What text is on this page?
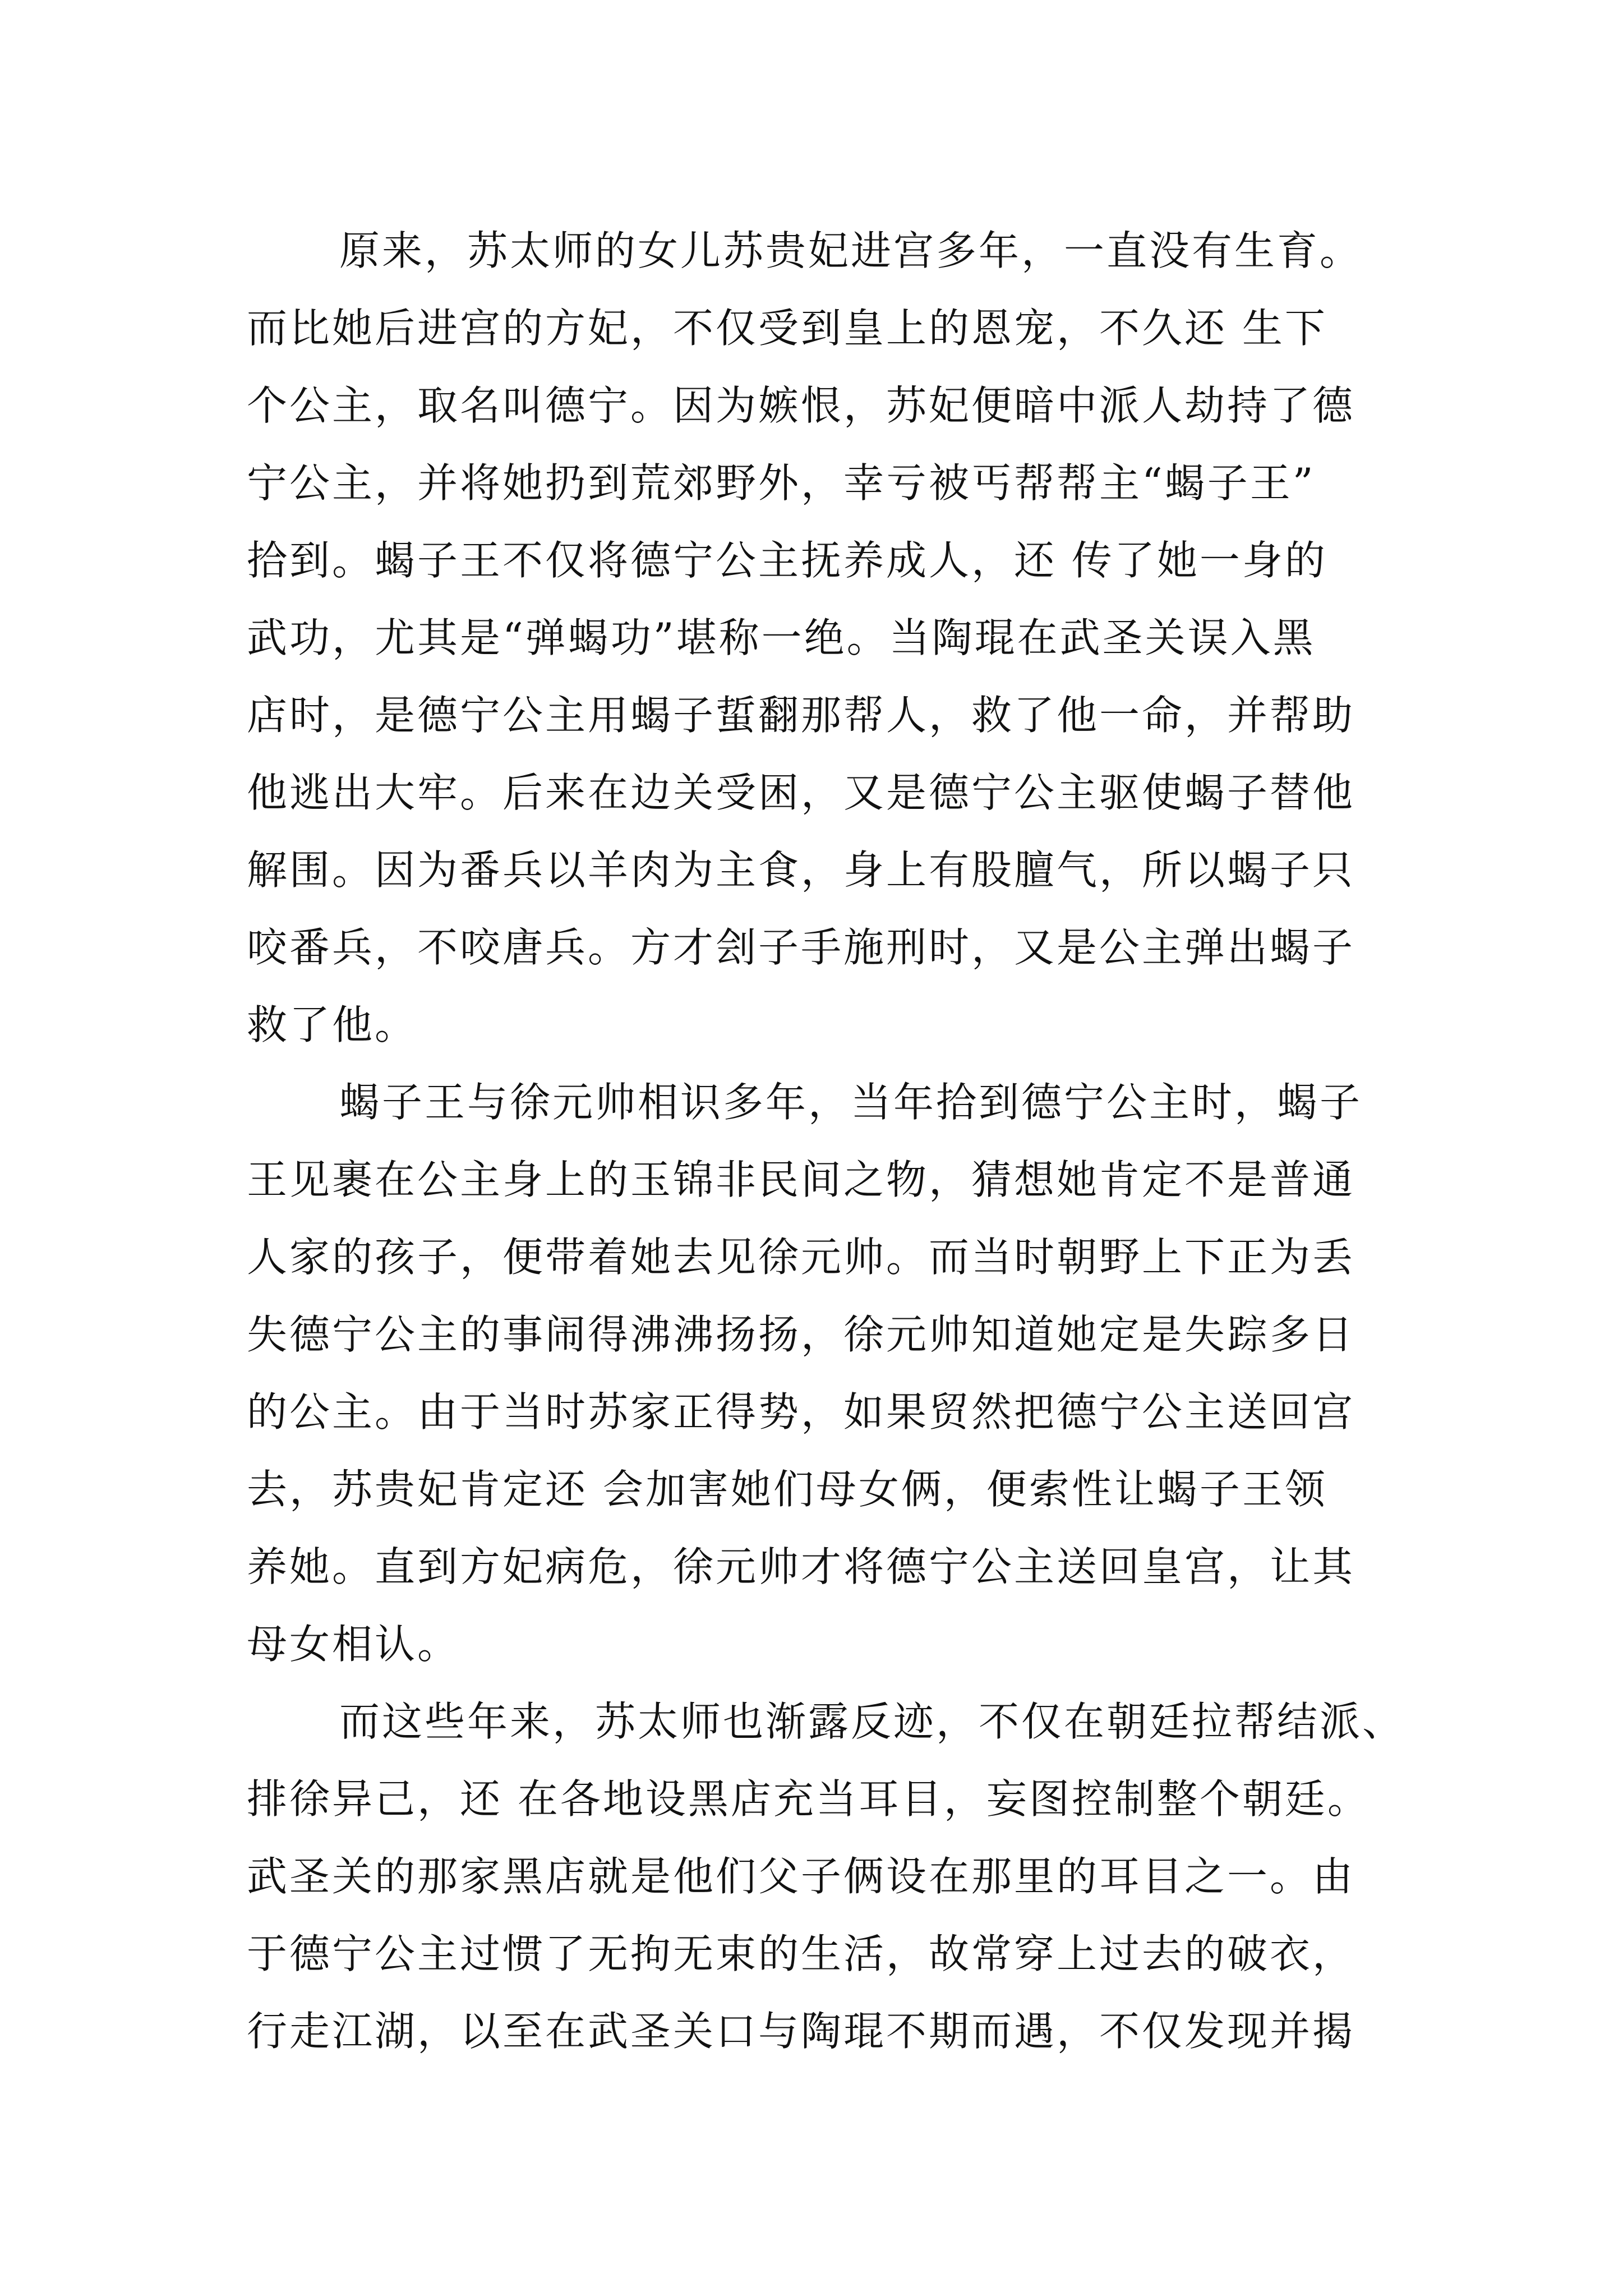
原来，苏太师的女儿苏贵妃进宫多年，一直没有生育。
而比她后进宫的方妃，不仅受到皇上的恩宠，不久还 生下
个公主，取名叫德宁。因为嫉恨，苏妃便暗中派人劫持了德
宁公主，并将她扔到荒郊野外，幸亏被丐帮帮主“蝎子王”
拾到。蝎子王不仅将德宁公主抚养成人，还 传了她一身的
武功，尤其是“弹蝎功”堪称一绝。当陶琨在武圣关误入黑
店时，是德宁公主用蝎子蜇翻那帮人，救了他一命，并帮助
他逃出大牢。后来在边关受困，又是德宁公主驱使蝎子替他
解围。因为番兵以羊肉为主食，身上有股膻气，所以蝎子只
咬番兵，不咬唐兵。方才刽子手施刑时，又是公主弹出蝎子
救了他。
蝎子王与徐元帅相识多年，当年拾到德宁公主时，蝎子
王见裹在公主身上的玉锦非民间之物，猜想她肯定不是普通
人家的孩子，便带着她去见徐元帅。而当时朝野上下正为丢
失德宁公主的事闹得沸沸扬扬，徐元帅知道她定是失踪多日
的公主。由于当时苏家正得势，如果贸然把德宁公主送回宫
去，苏贵妃肯定还 会加害她们母女俩，便索性让蝎子王领
养她。直到方妃病危，徐元帅才将德宁公主送回皇宫，让其
母女相认。
而这些年来，苏太师也渐露反迹，不仅在朝廷拉帮结派、
排徐异己，还 在各地设黑店充当耳目，妄图控制整个朝廷。
武圣关的那家黑店就是他们父子俩设在那里的耳目之一。由
于德宁公主过惯了无拘无束的生活，故常穿上过去的破衣，
行走江湖，以至在武圣关口与陶琨不期而遇，不仅发现并揭
